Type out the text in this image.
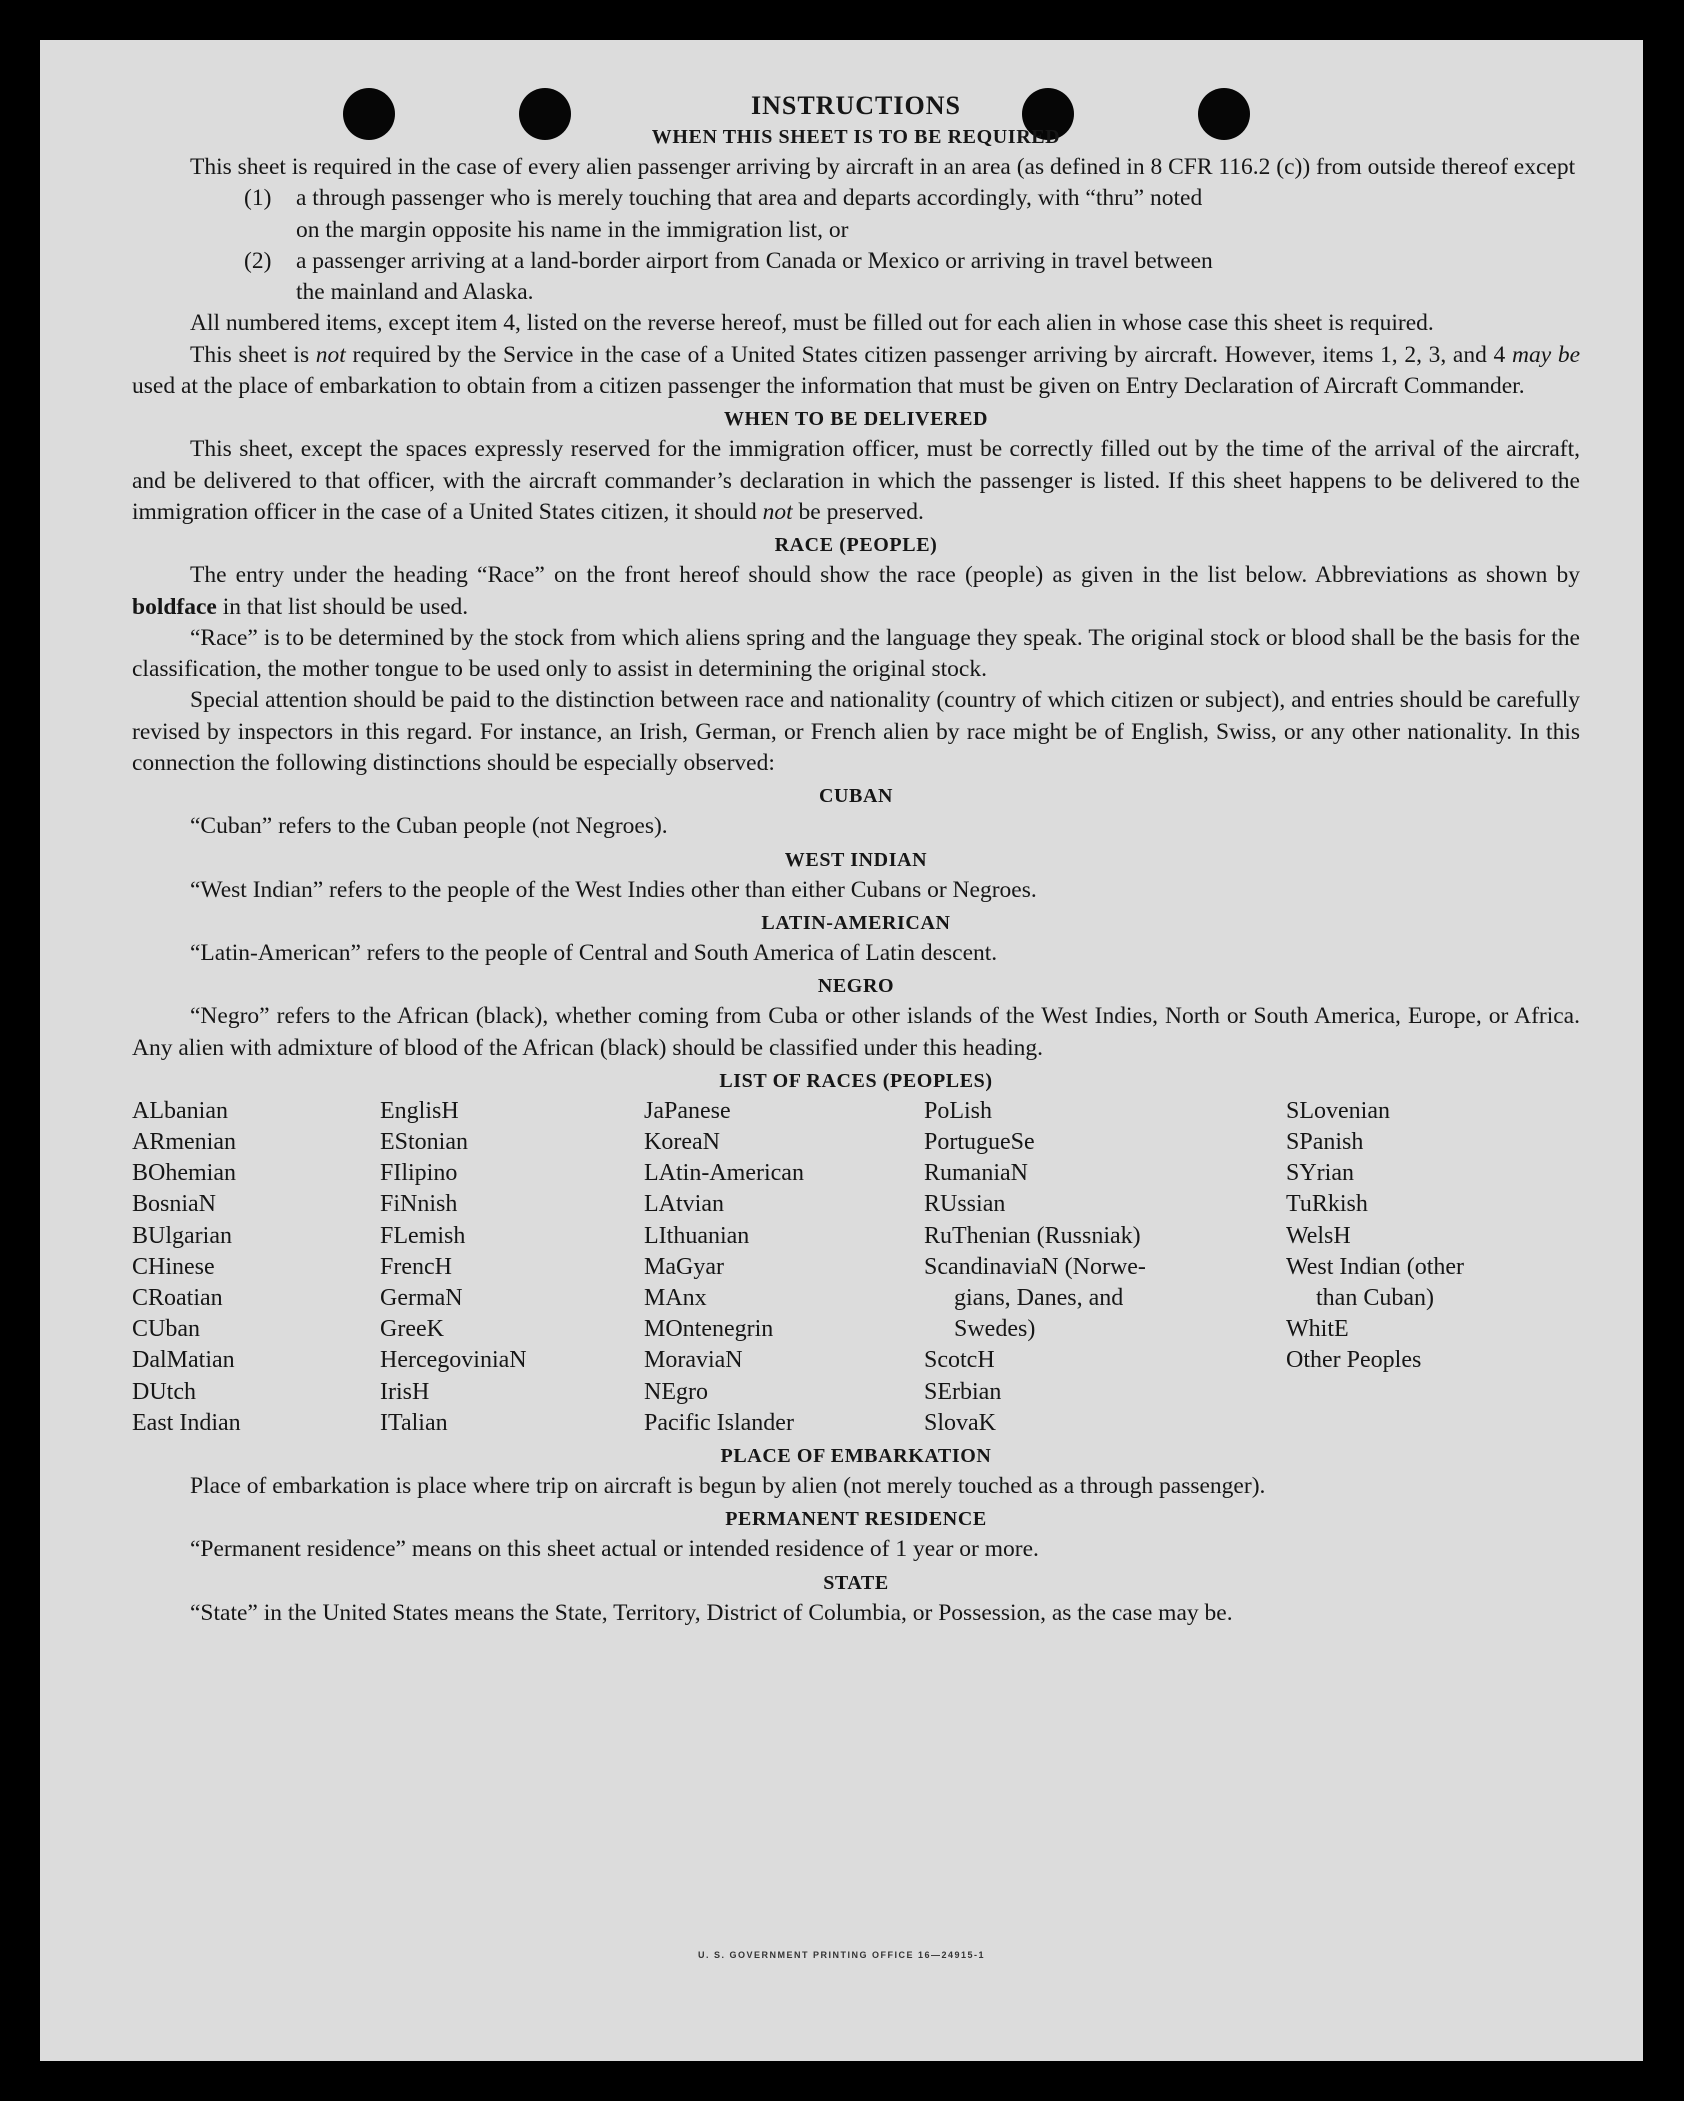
INSTRUCTIONS
WHEN THIS SHEET IS TO BE REQUIRED

This sheet is required in the case of every alien passenger arriving by aircraft in an area (as defined in 8 CFR 116.2 (c)) from outside thereof except

(1)	a through passenger who is merely touching that area and departs accordingly, with “thru” noted
on the margin opposite his name in the immigration list, or
(2)	a passenger arriving at a land-border airport from Canada or Mexico or arriving in travel between
the mainland and Alaska.

All numbered items, except item 4, listed on the reverse hereof, must be filled out for each alien in whose case this sheet is required.

This sheet is not required by the Service in the case of a United States citizen passenger arriving by aircraft. However, items 1, 2, 3, and 4 may be used at the place of embarkation to obtain from a citizen passenger the information that must be given on Entry Declaration of Aircraft Commander.

WHEN TO BE DELIVERED

This sheet, except the spaces expressly reserved for the immigration officer, must be correctly filled out by the time of the arrival of the aircraft, and be delivered to that officer, with the aircraft commander’s declaration in which the passenger is listed. If this sheet happens to be delivered to the immigration officer in the case of a United States citizen, it should not be preserved.

RACE (PEOPLE)

The entry under the heading “Race” on the front hereof should show the race (people) as given in the list below. Abbreviations as shown by boldface in that list should be used.

“Race” is to be determined by the stock from which aliens spring and the language they speak. The original stock or blood shall be the basis for the classification, the mother tongue to be used only to assist in determining the original stock.

Special attention should be paid to the distinction between race and nationality (country of which citizen or subject), and entries should be carefully revised by inspectors in this regard. For instance, an Irish, German, or French alien by race might be of English, Swiss, or any other nationality. In this connection the following distinctions should be especially observed:

CUBAN

“Cuban” refers to the Cuban people (not Negroes).

WEST INDIAN

“West Indian” refers to the people of the West Indies other than either Cubans or Negroes.

LATIN-AMERICAN

“Latin-American” refers to the people of Central and South America of Latin descent.

NEGRO

“Negro” refers to the African (black), whether coming from Cuba or other islands of the West Indies, North or South America, Europe, or Africa. Any alien with admixture of blood of the African (black) should be classified under this heading.

LIST OF RACES (PEOPLES)
ALbanian
ARmenian
BOhemian
BosniaN
BUlgarian
CHinese
CRoatian
CUban
DalMatian
DUtch
East Indian
EnglisH
EStonian
FIlipino
FiNnish
FLemish
FrencH
GermaN
GreeK
HercegoviniaN
IrisH
ITalian
JaPanese
KoreaN
LAtin-American
LAtvian
LIthuanian
MaGyar
MAnx
MOntenegrin
MoraviaN
NEgro
Pacific Islander
PoLish
PortugueSe
RumaniaN
RUssian
RuThenian (Russniak)
ScandinaviaN (Norwe-
gians, Danes, and
Swedes)
ScotcH
SErbian
SlovaK
SLovenian
SPanish
SYrian
TuRkish
WelsH
West Indian (other
than Cuban)
WhitE
Other Peoples
PLACE OF EMBARKATION

Place of embarkation is place where trip on aircraft is begun by alien (not merely touched as a through passenger).

PERMANENT RESIDENCE

“Permanent residence” means on this sheet actual or intended residence of 1 year or more.

STATE

“State” in the United States means the State, Territory, District of Columbia, or Possession, as the case may be.

U. S. GOVERNMENT PRINTING OFFICE 16—24915-1
